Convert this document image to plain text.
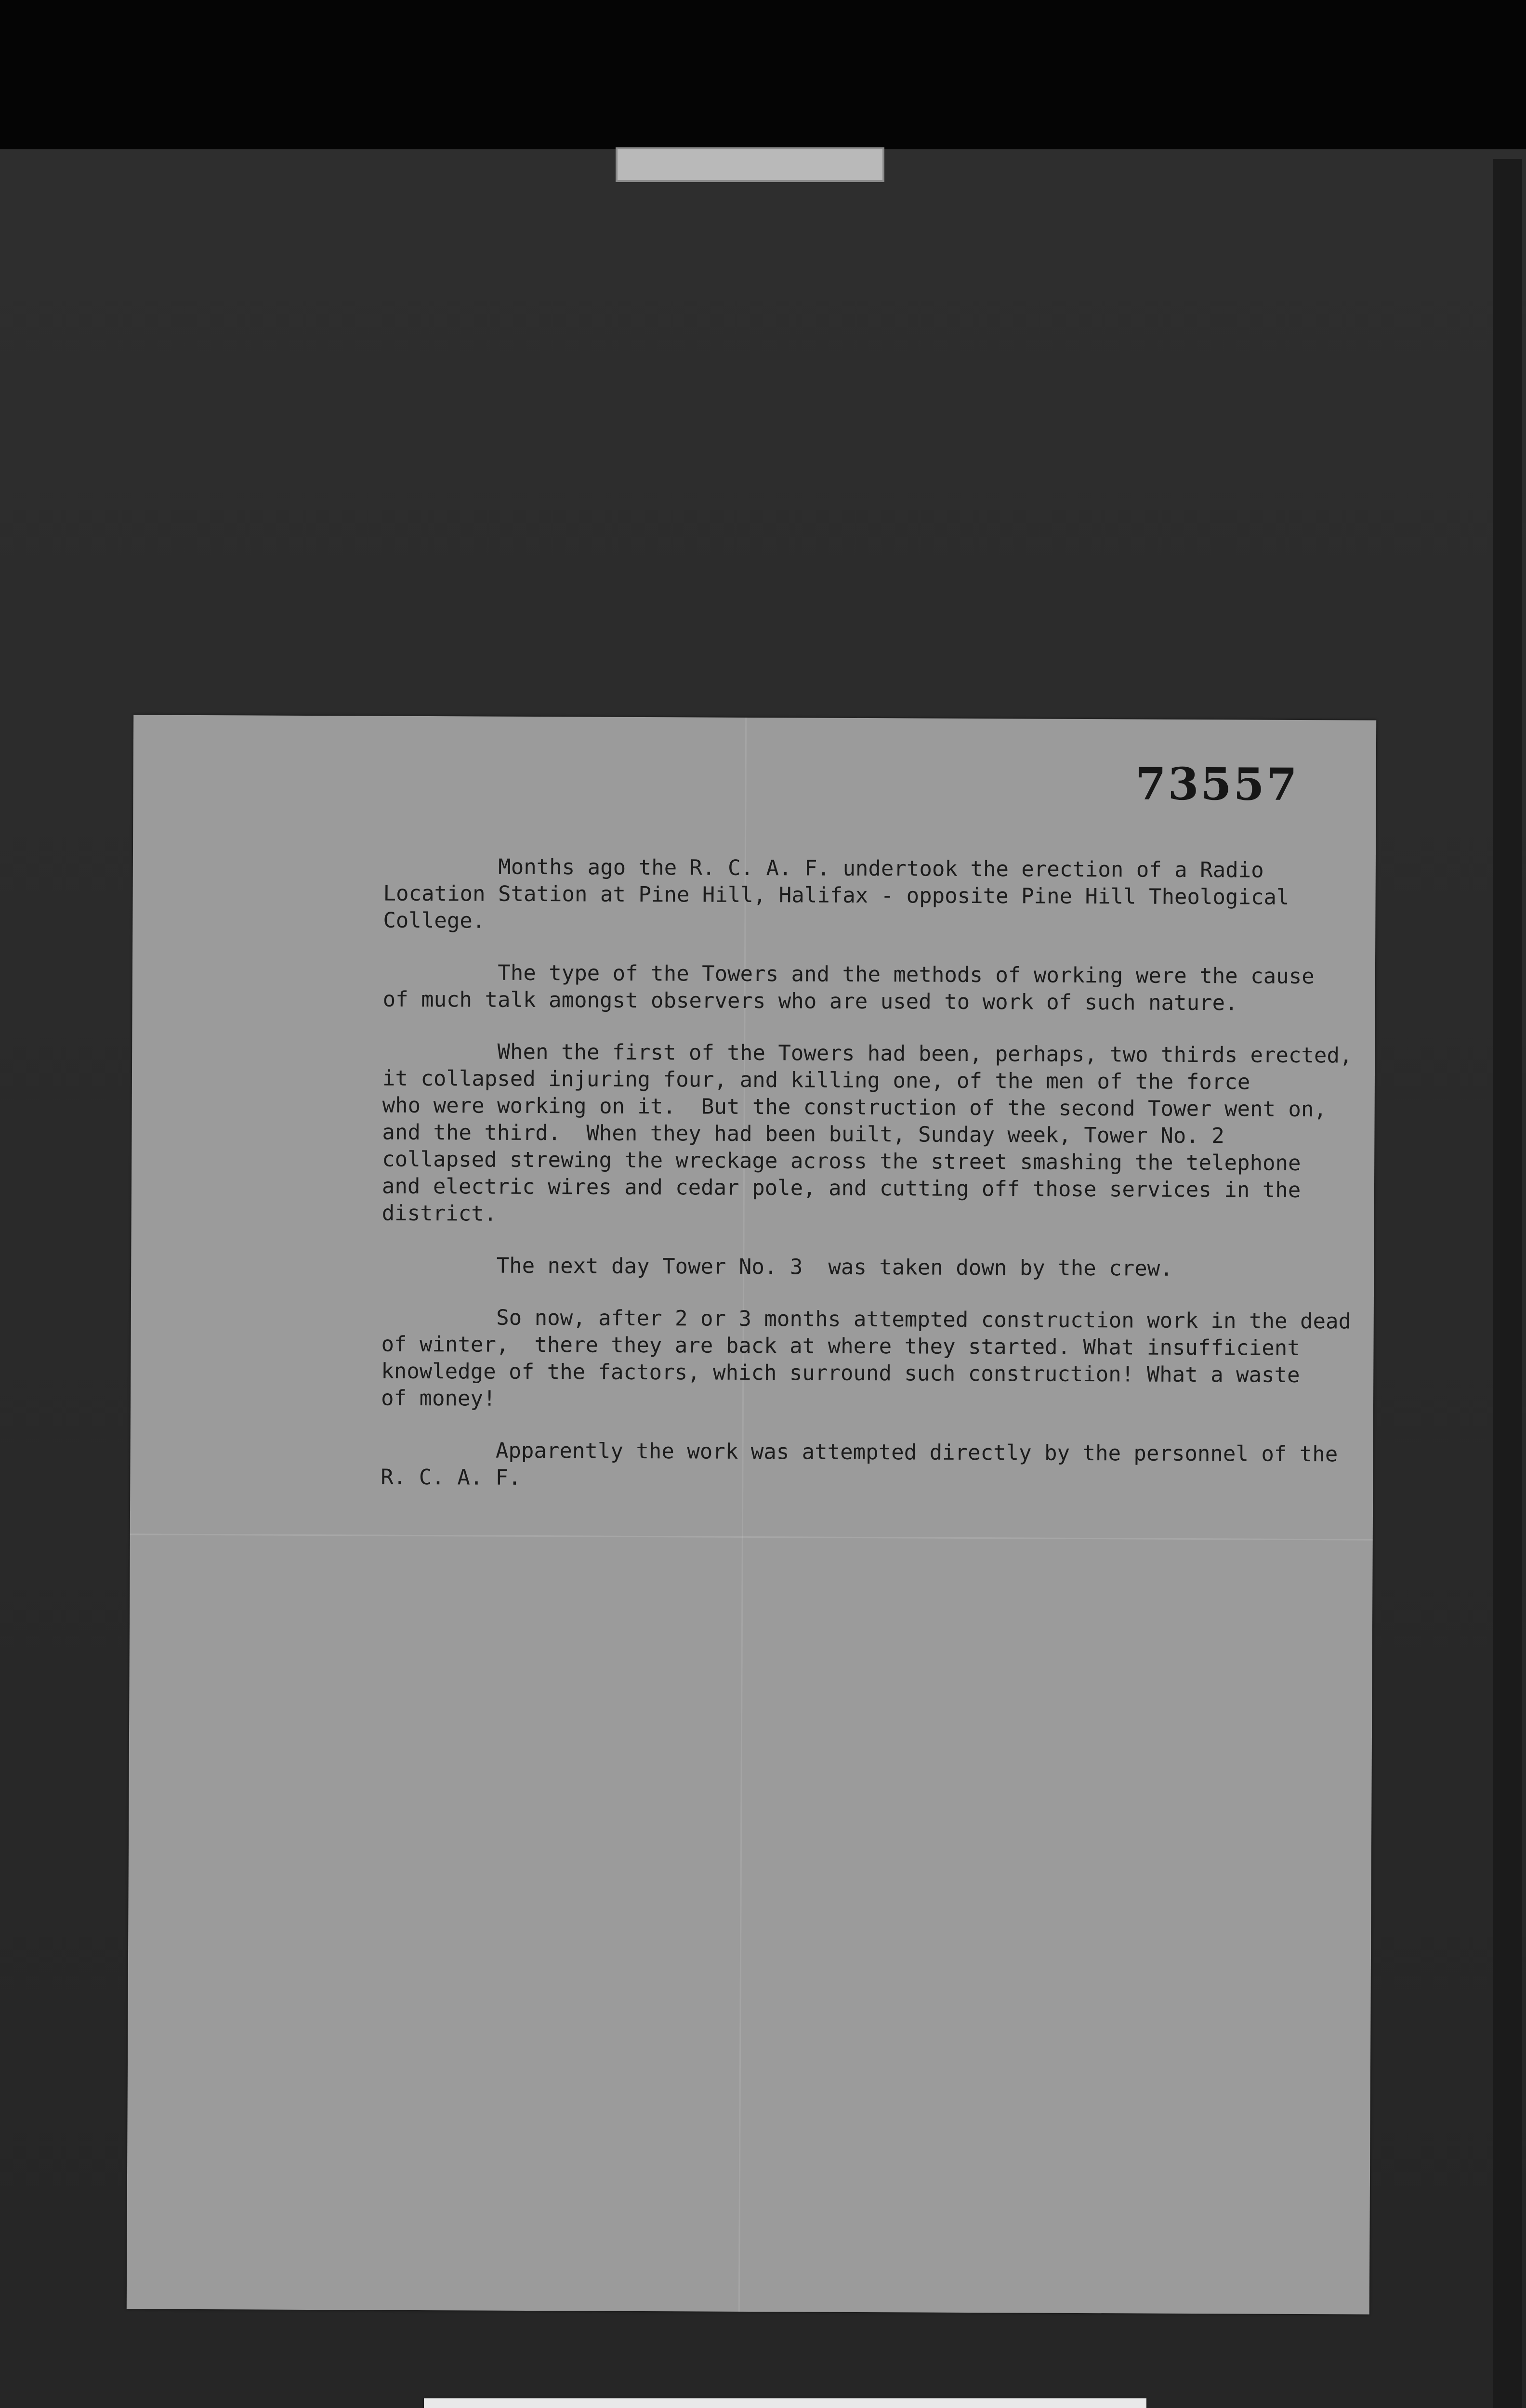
73557

Months ago the R. C. A. F. undertook the erection of a Radio
Location Station at Pine Hill, Halifax - opposite Pine Hill Theological
College.

The type of the Towers and the methods of working were the cause
of much talk amongst observers who are used to work of such nature.

When the first of the Towers had been, perhaps, two thirds erected,
it collapsed injuring four, and killing one, of the men of the force
who were working on it.  But the construction of the second Tower went on,
and the third.  When they had been built, Sunday week, Tower No. 2
collapsed strewing the wreckage across the street smashing the telephone
and electric wires and cedar pole, and cutting off those services in the
district.

The next day Tower No. 3  was taken down by the crew.

So now, after 2 or 3 months attempted construction work in the dead
of winter,  there they are back at where they started. What insufficient
knowledge of the factors, which surround such construction! What a waste
of money!

Apparently the work was attempted directly by the personnel of the
R. C. A. F.
